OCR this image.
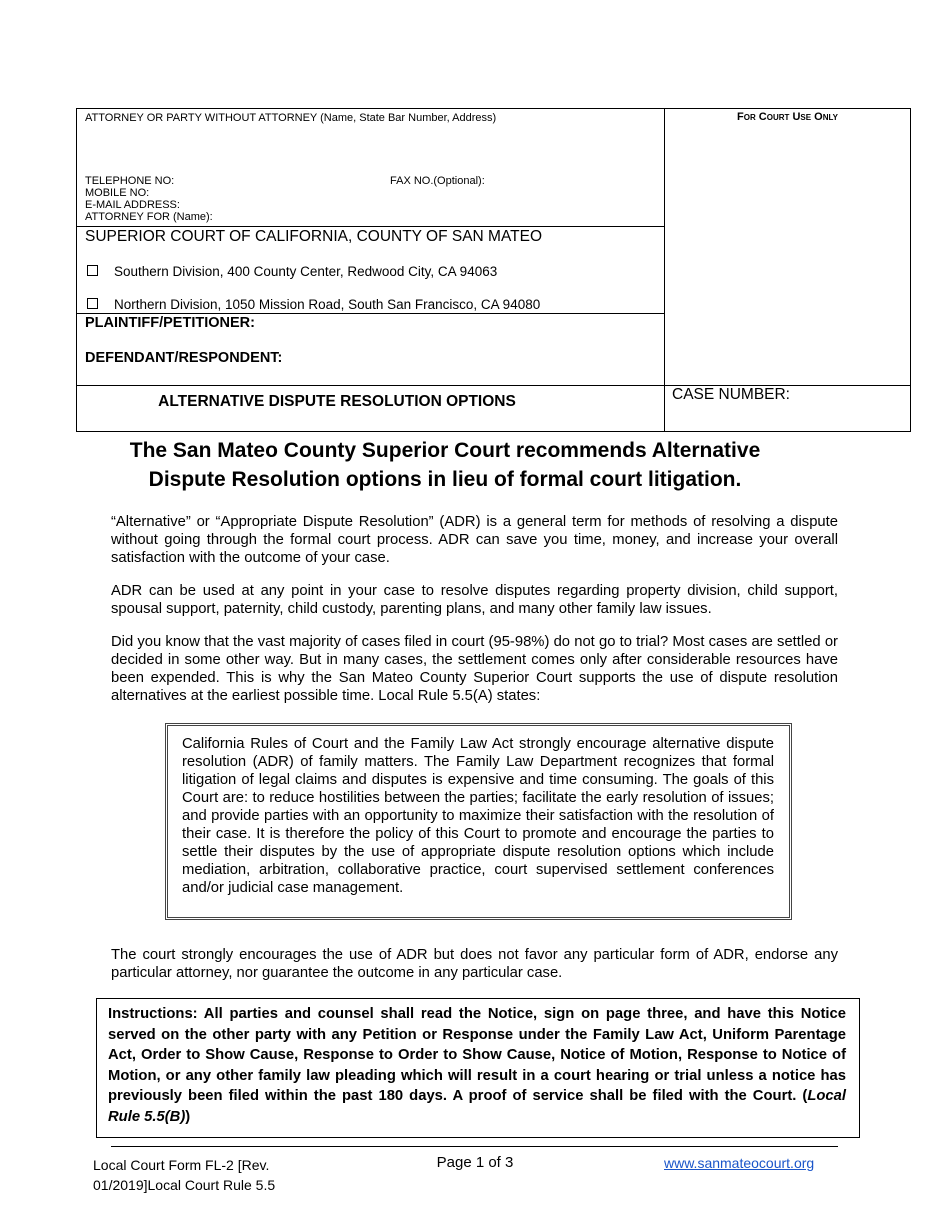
ATTORNEY OR PARTY WITHOUT ATTORNEY (Name, State Bar Number, Address)	For Court Use Only
TELEPHONE NO:	FAX NO.(Optional):
MOBILE NO:
E-MAIL ADDRESS:
ATTORNEY FOR (Name):
SUPERIOR COURT OF CALIFORNIA, COUNTY OF SAN MATEO
Southern Division, 400 County Center, Redwood City, CA 94063
Northern Division, 1050 Mission Road, South San Francisco, CA 94080
PLAINTIFF/PETITIONER:
DEFENDANT/RESPONDENT:
ALTERNATIVE DISPUTE RESOLUTION OPTIONS	CASE NUMBER:
The San Mateo County Superior Court recommends Alternative Dispute Resolution options in lieu of formal court litigation.
“Alternative” or “Appropriate Dispute Resolution” (ADR) is a general term for methods of resolving a dispute without going through the formal court process. ADR can save you time, money, and increase your overall satisfaction with the outcome of your case.
ADR can be used at any point in your case to resolve disputes regarding property division, child support, spousal support, paternity, child custody, parenting plans, and many other family law issues.
Did you know that the vast majority of cases filed in court (95-98%) do not go to trial? Most cases are settled or decided in some other way. But in many cases, the settlement comes only after considerable resources have been expended. This is why the San Mateo County Superior Court supports the use of dispute resolution alternatives at the earliest possible time. Local Rule 5.5(A) states:
California Rules of Court and the Family Law Act strongly encourage alternative dispute resolution (ADR) of family matters. The Family Law Department recognizes that formal litigation of legal claims and disputes is expensive and time consuming. The goals of this Court are: to reduce hostilities between the parties; facilitate the early resolution of issues; and provide parties with an opportunity to maximize their satisfaction with the resolution of their case. It is therefore the policy of this Court to promote and encourage the parties to settle their disputes by the use of appropriate dispute resolution options which include mediation, arbitration, collaborative practice, court supervised settlement conferences and/or judicial case management.
The court strongly encourages the use of ADR but does not favor any particular form of ADR, endorse any particular attorney, nor guarantee the outcome in any particular case.
Instructions: All parties and counsel shall read the Notice, sign on page three, and have this Notice served on the other party with any Petition or Response under the Family Law Act, Uniform Parentage Act, Order to Show Cause, Response to Order to Show Cause, Notice of Motion, Response to Notice of Motion, or any other family law pleading which will result in a court hearing or trial unless a notice has previously been filed within the past 180 days. A proof of service shall be filed with the Court. (Local Rule 5.5(B))
Local Court Form FL-2 [Rev.
01/2019]Local Court Rule 5.5
Page 1 of 3	www.sanmateocourt.org
